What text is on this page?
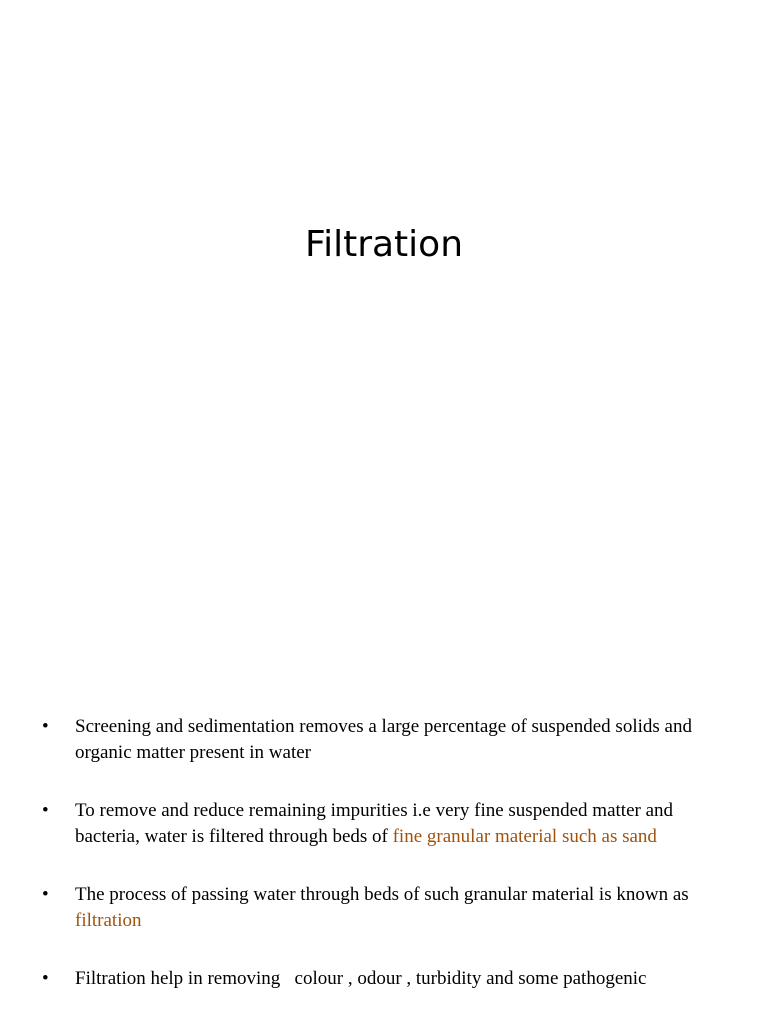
Filtration
• Screening and sedimentation removes a large percentage of suspended solids and organic matter present in water
• To remove and reduce remaining impurities i.e very fine suspended matter and bacteria, water is filtered through beds of fine granular material such as sand
• The process of passing water through beds of such granular material is known as filtration
• Filtration help in removing   colour , odour , turbidity and some pathogenic
